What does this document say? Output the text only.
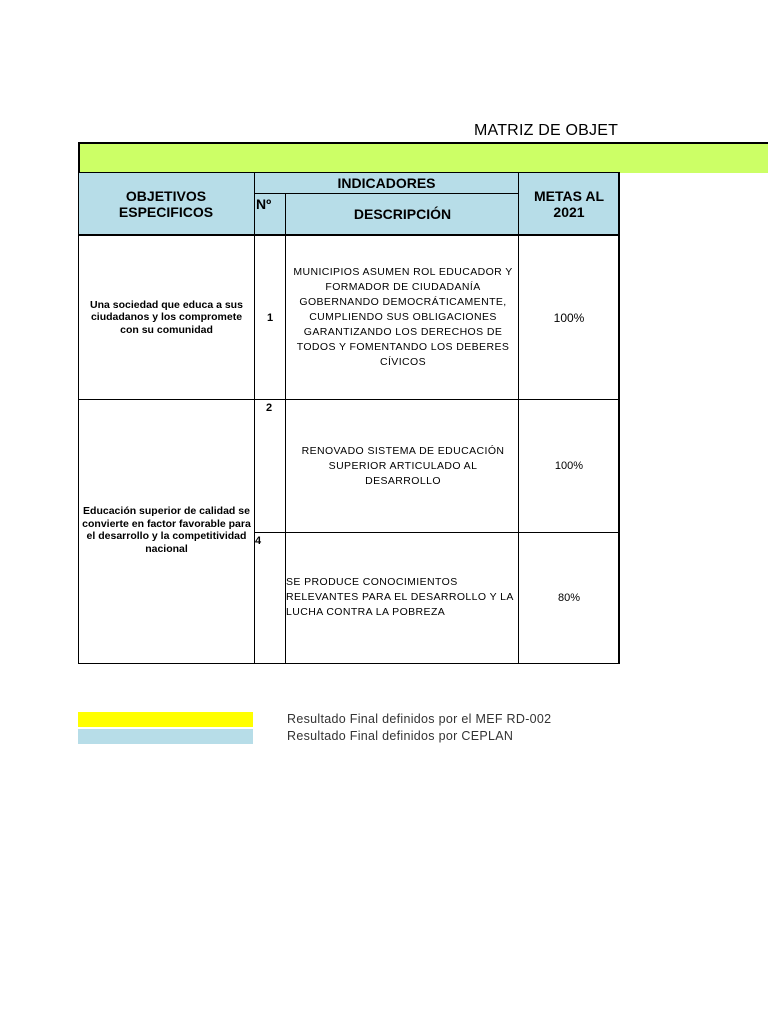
MATRIZ DE OBJET
OBJETIVOS ESPECIFICOS
INDICADORES
Nº
DESCRIPCIÓN
METAS AL 2021
Una sociedad que educa a sus ciudadanos y los compromete con su comunidad
1
MUNICIPIOS ASUMEN ROL EDUCADOR Y FORMADOR DE CIUDADANÍA GOBERNANDO DEMOCRÁTICAMENTE, CUMPLIENDO SUS OBLIGACIONES GARANTIZANDO LOS DERECHOS DE TODOS Y FOMENTANDO LOS DEBERES CÍVICOS
100%
Educación superior de calidad se convierte en factor favorable para el desarrollo y la competitividad nacional
2
RENOVADO SISTEMA DE EDUCACIÓN SUPERIOR ARTICULADO AL DESARROLLO
100%
4
SE PRODUCE CONOCIMIENTOS RELEVANTES PARA EL DESARROLLO Y LA LUCHA CONTRA LA POBREZA
80%
Resultado Final definidos por el MEF RD-002
Resultado Final definidos por CEPLAN
